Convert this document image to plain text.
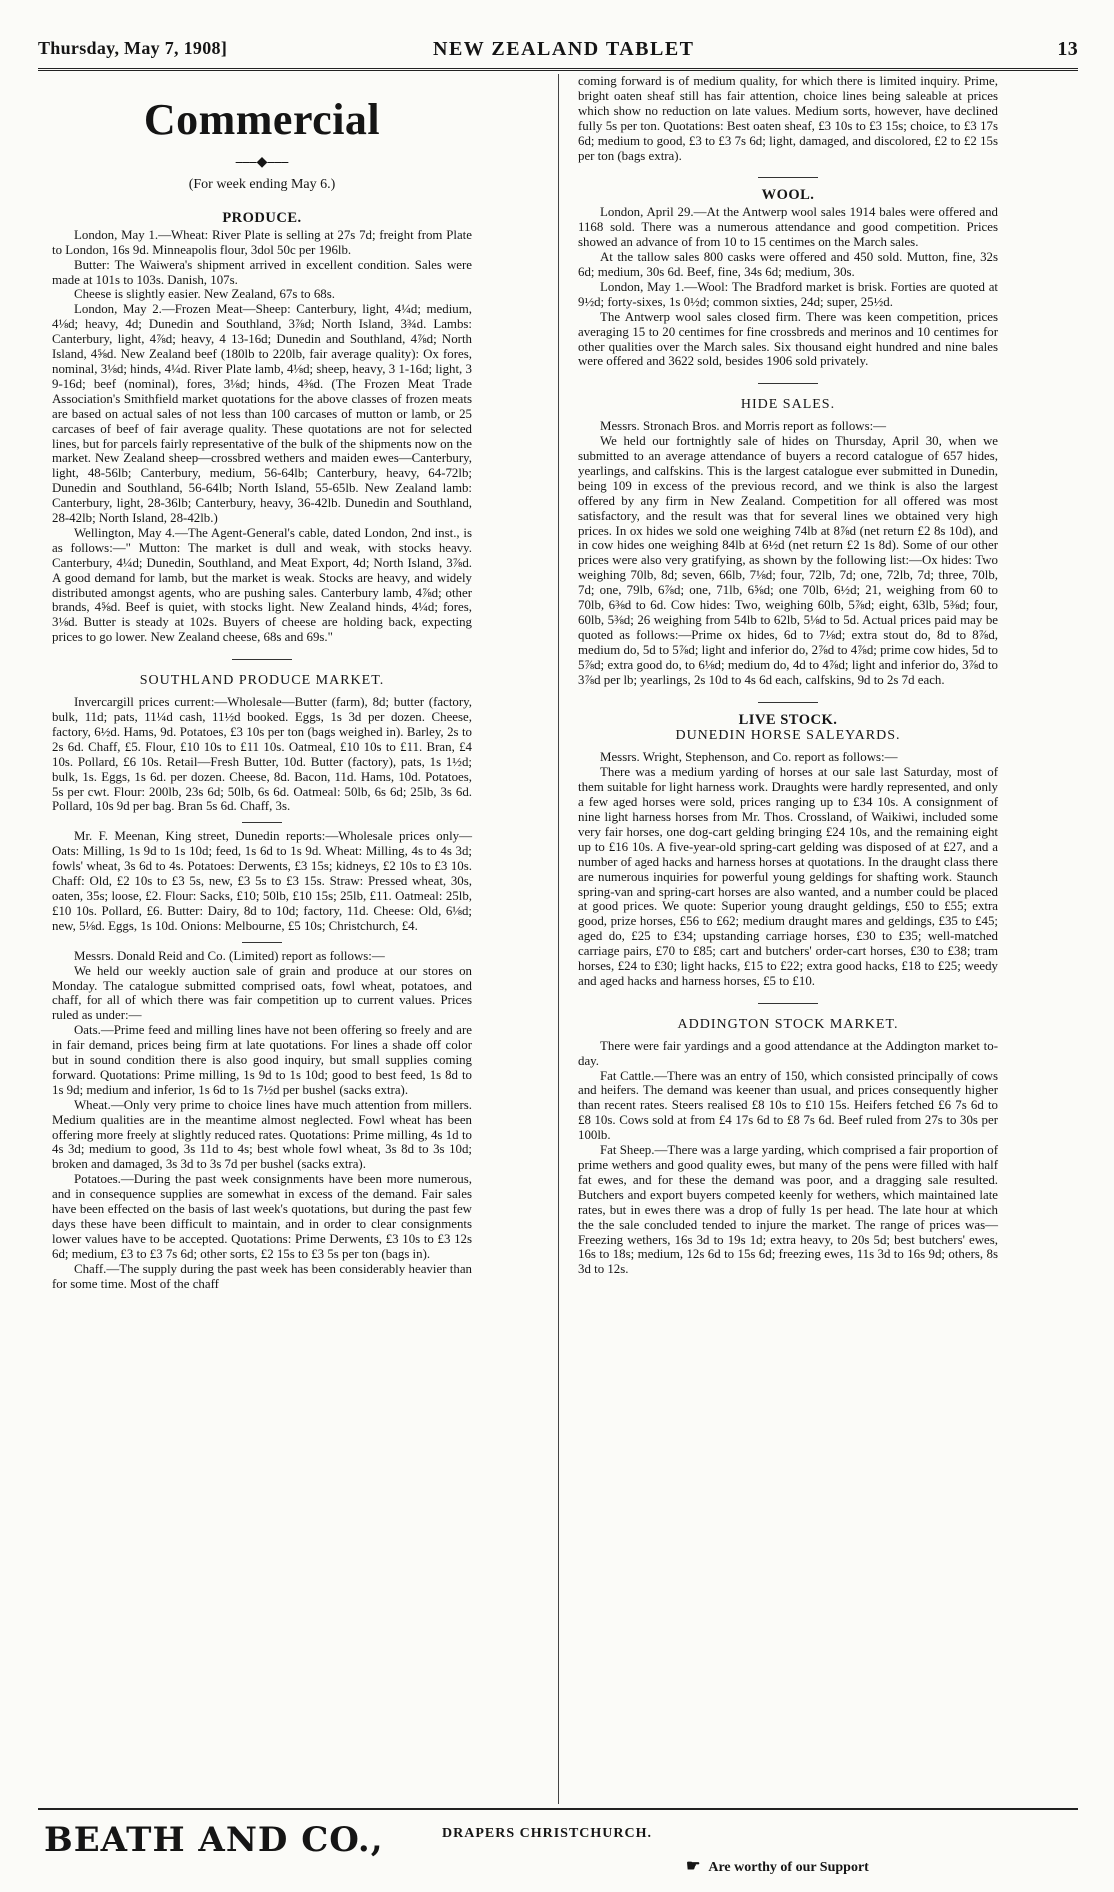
Thursday, May 7, 1908]	NEW ZEALAND TABLET	13
Commercial
⎯⎯⎯◆⎯⎯⎯
(For week ending May 6.)
PRODUCE.

London, May 1.—Wheat: River Plate is selling at 27s 7d; freight from Plate to London, 16s 9d. Minneapolis flour, 3dol 50c per 196lb.

Butter: The Waiwera's shipment arrived in excellent condition. Sales were made at 101s to 103s. Danish, 107s.

Cheese is slightly easier. New Zealand, 67s to 68s.

London, May 2.—Frozen Meat—Sheep: Canterbury, light, 4¼d; medium, 4⅛d; heavy, 4d; Dunedin and Southland, 3⅞d; North Island, 3¾d. Lambs: Canterbury, light, 4⅞d; heavy, 4 13-16d; Dunedin and Southland, 4⅞d; North Island, 4⅝d. New Zealand beef (180lb to 220lb, fair average quality): Ox fores, nominal, 3⅛d; hinds, 4¼d. River Plate lamb, 4⅛d; sheep, heavy, 3 1-16d; light, 3 9-16d; beef (nominal), fores, 3⅛d; hinds, 4⅜d. (The Frozen Meat Trade Association's Smithfield market quotations for the above classes of frozen meats are based on actual sales of not less than 100 carcases of mutton or lamb, or 25 carcases of beef of fair average quality. These quotations are not for selected lines, but for parcels fairly representative of the bulk of the shipments now on the market. New Zealand sheep—crossbred wethers and maiden ewes—Canterbury, light, 48-56lb; Canterbury, medium, 56-64lb; Canterbury, heavy, 64-72lb; Dunedin and Southland, 56-64lb; North Island, 55-65lb. New Zealand lamb: Canterbury, light, 28-36lb; Canterbury, heavy, 36-42lb. Dunedin and Southland, 28-42lb; North Island, 28-42lb.)

Wellington, May 4.—The Agent-General's cable, dated London, 2nd inst., is as follows:—" Mutton: The market is dull and weak, with stocks heavy. Canterbury, 4¼d; Dunedin, Southland, and Meat Export, 4d; North Island, 3⅞d. A good demand for lamb, but the market is weak. Stocks are heavy, and widely distributed amongst agents, who are pushing sales. Canterbury lamb, 4⅞d; other brands, 4⅝d. Beef is quiet, with stocks light. New Zealand hinds, 4¼d; fores, 3⅛d. Butter is steady at 102s. Buyers of cheese are holding back, expecting prices to go lower. New Zealand cheese, 68s and 69s."

SOUTHLAND PRODUCE MARKET.

Invercargill prices current:—Wholesale—Butter (farm), 8d; butter (factory, bulk, 11d; pats, 11¼d cash, 11½d booked. Eggs, 1s 3d per dozen. Cheese, factory, 6½d. Hams, 9d. Potatoes, £3 10s per ton (bags weighed in). Barley, 2s to 2s 6d. Chaff, £5. Flour, £10 10s to £11 10s. Oatmeal, £10 10s to £11. Bran, £4 10s. Pollard, £6 10s. Retail—Fresh Butter, 10d. Butter (factory), pats, 1s 1½d; bulk, 1s. Eggs, 1s 6d. per dozen. Cheese, 8d. Bacon, 11d. Hams, 10d. Potatoes, 5s per cwt. Flour: 200lb, 23s 6d; 50lb, 6s 6d. Oatmeal: 50lb, 6s 6d; 25lb, 3s 6d. Pollard, 10s 9d per bag. Bran 5s 6d. Chaff, 3s.

Mr. F. Meenan, King street, Dunedin reports:—Wholesale prices only—Oats: Milling, 1s 9d to 1s 10d; feed, 1s 6d to 1s 9d. Wheat: Milling, 4s to 4s 3d; fowls' wheat, 3s 6d to 4s. Potatoes: Derwents, £3 15s; kidneys, £2 10s to £3 10s. Chaff: Old, £2 10s to £3 5s, new, £3 5s to £3 15s. Straw: Pressed wheat, 30s, oaten, 35s; loose, £2. Flour: Sacks, £10; 50lb, £10 15s; 25lb, £11. Oatmeal: 25lb, £10 10s. Pollard, £6. Butter: Dairy, 8d to 10d; factory, 11d. Cheese: Old, 6⅛d; new, 5⅛d. Eggs, 1s 10d. Onions: Melbourne, £5 10s; Christchurch, £4.

Messrs. Donald Reid and Co. (Limited) report as follows:—

We held our weekly auction sale of grain and produce at our stores on Monday. The catalogue submitted comprised oats, fowl wheat, potatoes, and chaff, for all of which there was fair competition up to current values. Prices ruled as under:—

Oats.—Prime feed and milling lines have not been offering so freely and are in fair demand, prices being firm at late quotations. For lines a shade off color but in sound condition there is also good inquiry, but small supplies coming forward. Quotations: Prime milling, 1s 9d to 1s 10d; good to best feed, 1s 8d to 1s 9d; medium and inferior, 1s 6d to 1s 7½d per bushel (sacks extra).

Wheat.—Only very prime to choice lines have much attention from millers. Medium qualities are in the meantime almost neglected. Fowl wheat has been offering more freely at slightly reduced rates. Quotations: Prime milling, 4s 1d to 4s 3d; medium to good, 3s 11d to 4s; best whole fowl wheat, 3s 8d to 3s 10d; broken and damaged, 3s 3d to 3s 7d per bushel (sacks extra).

Potatoes.—During the past week consignments have been more numerous, and in consequence supplies are somewhat in excess of the demand. Fair sales have been effected on the basis of last week's quotations, but during the past few days these have been difficult to maintain, and in order to clear consignments lower values have to be accepted. Quotations: Prime Derwents, £3 10s to £3 12s 6d; medium, £3 to £3 7s 6d; other sorts, £2 15s to £3 5s per ton (bags in).

Chaff.—The supply during the past week has been considerably heavier than for some time. Most of the chaff

coming forward is of medium quality, for which there is limited inquiry. Prime, bright oaten sheaf still has fair attention, choice lines being saleable at prices which show no reduction on late values. Medium sorts, however, have declined fully 5s per ton. Quotations: Best oaten sheaf, £3 10s to £3 15s; choice, to £3 17s 6d; medium to good, £3 to £3 7s 6d; light, damaged, and discolored, £2 to £2 15s per ton (bags extra).

WOOL.

London, April 29.—At the Antwerp wool sales 1914 bales were offered and 1168 sold. There was a numerous attendance and good competition. Prices showed an advance of from 10 to 15 centimes on the March sales.

At the tallow sales 800 casks were offered and 450 sold. Mutton, fine, 32s 6d; medium, 30s 6d. Beef, fine, 34s 6d; medium, 30s.

London, May 1.—Wool: The Bradford market is brisk. Forties are quoted at 9½d; forty-sixes, 1s 0½d; common sixties, 24d; super, 25½d.

The Antwerp wool sales closed firm. There was keen competition, prices averaging 15 to 20 centimes for fine crossbreds and merinos and 10 centimes for other qualities over the March sales. Six thousand eight hundred and nine bales were offered and 3622 sold, besides 1906 sold privately.

HIDE SALES.

Messrs. Stronach Bros. and Morris report as follows:—

We held our fortnightly sale of hides on Thursday, April 30, when we submitted to an average attendance of buyers a record catalogue of 657 hides, yearlings, and calfskins. This is the largest catalogue ever submitted in Dunedin, being 109 in excess of the previous record, and we think is also the largest offered by any firm in New Zealand. Competition for all offered was most satisfactory, and the result was that for several lines we obtained very high prices. In ox hides we sold one weighing 74lb at 8⅞d (net return £2 8s 10d), and in cow hides one weighing 84lb at 6½d (net return £2 1s 8d). Some of our other prices were also very gratifying, as shown by the following list:—Ox hides: Two weighing 70lb, 8d; seven, 66lb, 7⅛d; four, 72lb, 7d; one, 72lb, 7d; three, 70lb, 7d; one, 79lb, 6⅞d; one, 71lb, 6⅝d; one 70lb, 6½d; 21, weighing from 60 to 70lb, 6⅜d to 6d. Cow hides: Two, weighing 60lb, 5⅞d; eight, 63lb, 5⅜d; four, 60lb, 5⅜d; 26 weighing from 54lb to 62lb, 5⅛d to 5d. Actual prices paid may be quoted as follows:—Prime ox hides, 6d to 7⅛d; extra stout do, 8d to 8⅞d, medium do, 5d to 5⅞d; light and inferior do, 2⅞d to 4⅞d; prime cow hides, 5d to 5⅞d; extra good do, to 6⅛d; medium do, 4d to 4⅞d; light and inferior do, 3⅞d to 3⅞d per lb; yearlings, 2s 10d to 4s 6d each, calfskins, 9d to 2s 7d each.

LIVE STOCK.
DUNEDIN HORSE SALEYARDS.

Messrs. Wright, Stephenson, and Co. report as follows:—

There was a medium yarding of horses at our sale last Saturday, most of them suitable for light harness work. Draughts were hardly represented, and only a few aged horses were sold, prices ranging up to £34 10s. A consignment of nine light harness horses from Mr. Thos. Crossland, of Waikiwi, included some very fair horses, one dog-cart gelding bringing £24 10s, and the remaining eight up to £16 10s. A five-year-old spring-cart gelding was disposed of at £27, and a number of aged hacks and harness horses at quotations. In the draught class there are numerous inquiries for powerful young geldings for shafting work. Staunch spring-van and spring-cart horses are also wanted, and a number could be placed at good prices. We quote: Superior young draught geldings, £50 to £55; extra good, prize horses, £56 to £62; medium draught mares and geldings, £35 to £45; aged do, £25 to £34; upstanding carriage horses, £30 to £35; well-matched carriage pairs, £70 to £85; cart and butchers' order-cart horses, £30 to £38; tram horses, £24 to £30; light hacks, £15 to £22; extra good hacks, £18 to £25; weedy and aged hacks and harness horses, £5 to £10.

ADDINGTON STOCK MARKET.

There were fair yardings and a good attendance at the Addington market to-day.

Fat Cattle.—There was an entry of 150, which consisted principally of cows and heifers. The demand was keener than usual, and prices consequently higher than recent rates. Steers realised £8 10s to £10 15s. Heifers fetched £6 7s 6d to £8 10s. Cows sold at from £4 17s 6d to £8 7s 6d. Beef ruled from 27s to 30s per 100lb.

Fat Sheep.—There was a large yarding, which comprised a fair proportion of prime wethers and good quality ewes, but many of the pens were filled with half fat ewes, and for these the demand was poor, and a dragging sale resulted. Butchers and export buyers competed keenly for wethers, which maintained late rates, but in ewes there was a drop of fully 1s per head. The late hour at which the the sale concluded tended to injure the market. The range of prices was—Freezing wethers, 16s 3d to 19s 1d; extra heavy, to 20s 5d; best butchers' ewes, 16s to 18s; medium, 12s 6d to 15s 6d; freezing ewes, 11s 3d to 16s 9d; others, 8s 3d to 12s.

BEATH AND CO.,	DRAPERS CHRISTCHURCH.
☛ Are worthy of our Support
